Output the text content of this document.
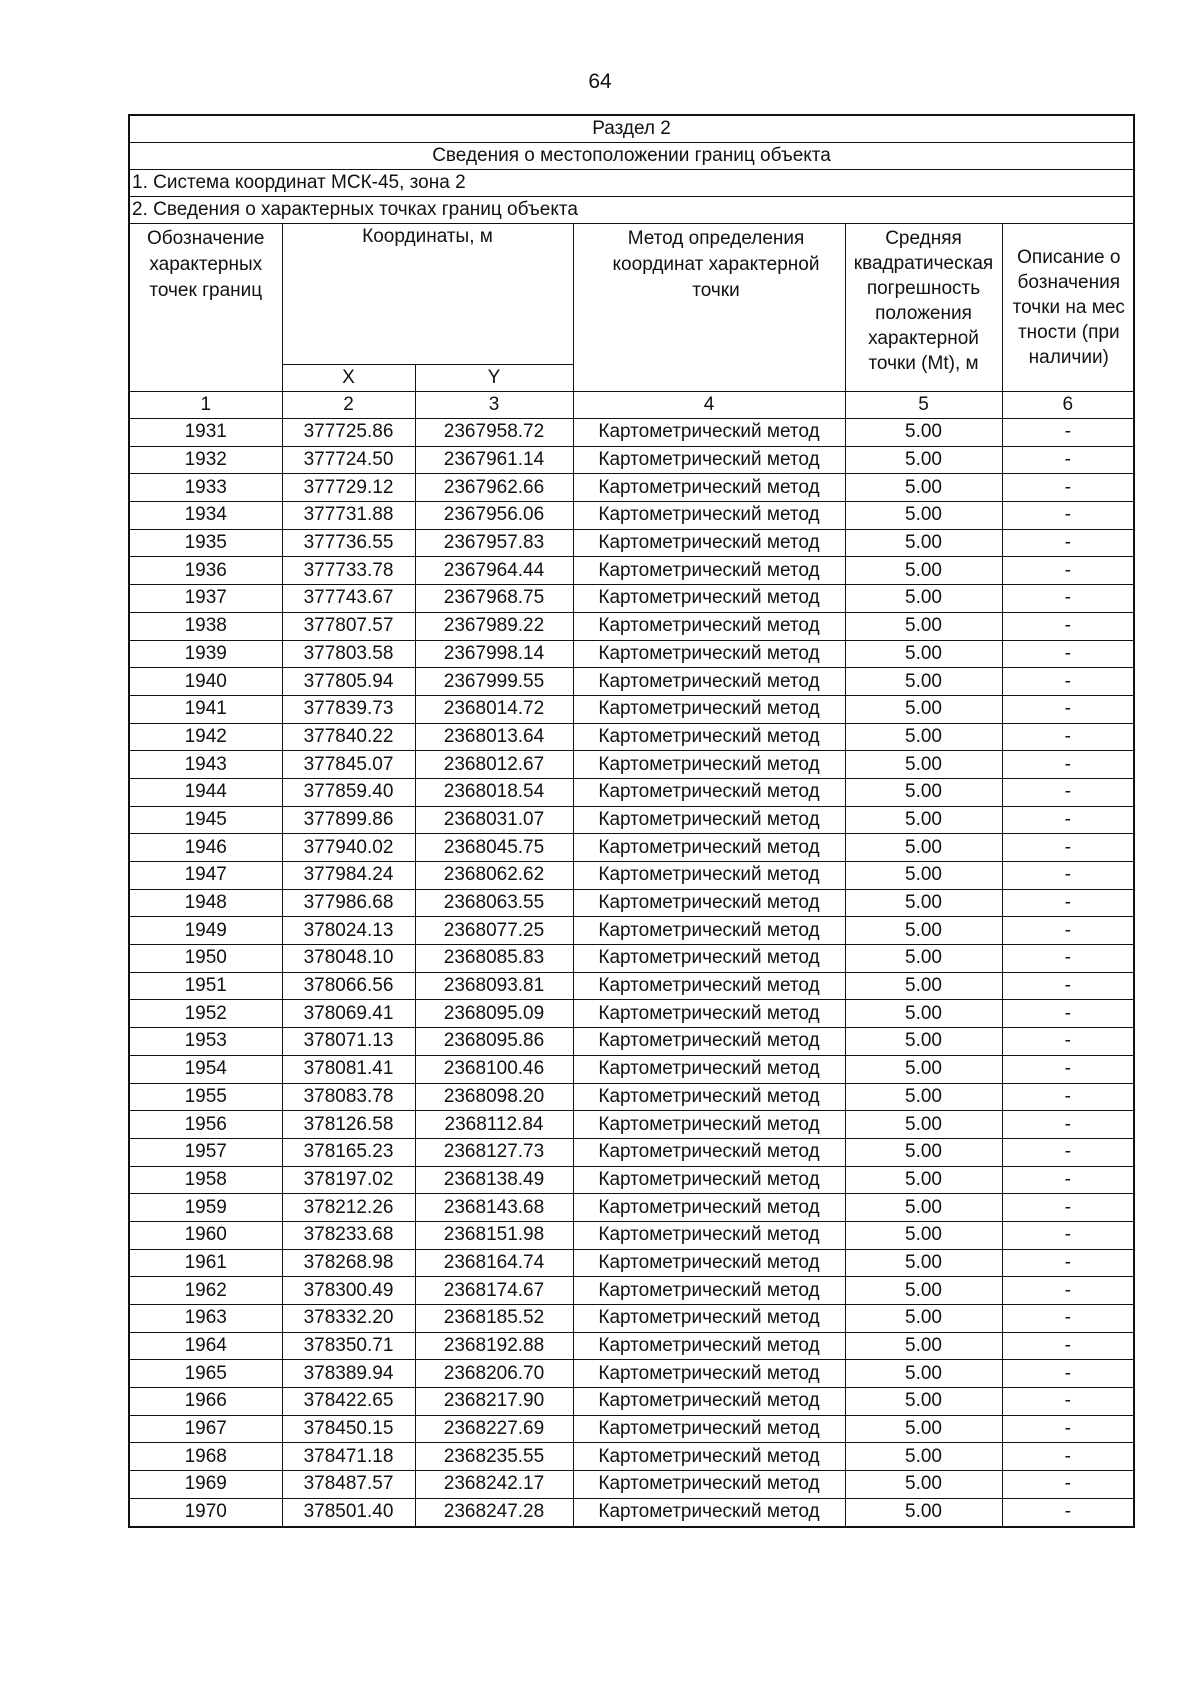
64
Раздел 2					
Сведения о местоположении границ объекта					
1. Система координат МСК-45, зона 2					
2. Сведения о характерных точках границ объекта					
Обозначение характерных точек границ	Координаты, м		Метод определения координат характерной точки	Средняя квадратическая погрешность положения характерной точки (Mt), м	Описание обозначения точки на местности (при наличии)
	X	Y			
1	2	3	4	5	6
1931	377725.86	2367958.72	Картометрический метод	5.00	-
1932	377724.50	2367961.14	Картометрический метод	5.00	-
1933	377729.12	2367962.66	Картометрический метод	5.00	-
1934	377731.88	2367956.06	Картометрический метод	5.00	-
1935	377736.55	2367957.83	Картометрический метод	5.00	-
1936	377733.78	2367964.44	Картометрический метод	5.00	-
1937	377743.67	2367968.75	Картометрический метод	5.00	-
1938	377807.57	2367989.22	Картометрический метод	5.00	-
1939	377803.58	2367998.14	Картометрический метод	5.00	-
1940	377805.94	2367999.55	Картометрический метод	5.00	-
1941	377839.73	2368014.72	Картометрический метод	5.00	-
1942	377840.22	2368013.64	Картометрический метод	5.00	-
1943	377845.07	2368012.67	Картометрический метод	5.00	-
1944	377859.40	2368018.54	Картометрический метод	5.00	-
1945	377899.86	2368031.07	Картометрический метод	5.00	-
1946	377940.02	2368045.75	Картометрический метод	5.00	-
1947	377984.24	2368062.62	Картометрический метод	5.00	-
1948	377986.68	2368063.55	Картометрический метод	5.00	-
1949	378024.13	2368077.25	Картометрический метод	5.00	-
1950	378048.10	2368085.83	Картометрический метод	5.00	-
1951	378066.56	2368093.81	Картометрический метод	5.00	-
1952	378069.41	2368095.09	Картометрический метод	5.00	-
1953	378071.13	2368095.86	Картометрический метод	5.00	-
1954	378081.41	2368100.46	Картометрический метод	5.00	-
1955	378083.78	2368098.20	Картометрический метод	5.00	-
1956	378126.58	2368112.84	Картометрический метод	5.00	-
1957	378165.23	2368127.73	Картометрический метод	5.00	-
1958	378197.02	2368138.49	Картометрический метод	5.00	-
1959	378212.26	2368143.68	Картометрический метод	5.00	-
1960	378233.68	2368151.98	Картометрический метод	5.00	-
1961	378268.98	2368164.74	Картометрический метод	5.00	-
1962	378300.49	2368174.67	Картометрический метод	5.00	-
1963	378332.20	2368185.52	Картометрический метод	5.00	-
1964	378350.71	2368192.88	Картометрический метод	5.00	-
1965	378389.94	2368206.70	Картометрический метод	5.00	-
1966	378422.65	2368217.90	Картометрический метод	5.00	-
1967	378450.15	2368227.69	Картометрический метод	5.00	-
1968	378471.18	2368235.55	Картометрический метод	5.00	-
1969	378487.57	2368242.17	Картометрический метод	5.00	-
1970	378501.40	2368247.28	Картометрический метод	5.00	-
